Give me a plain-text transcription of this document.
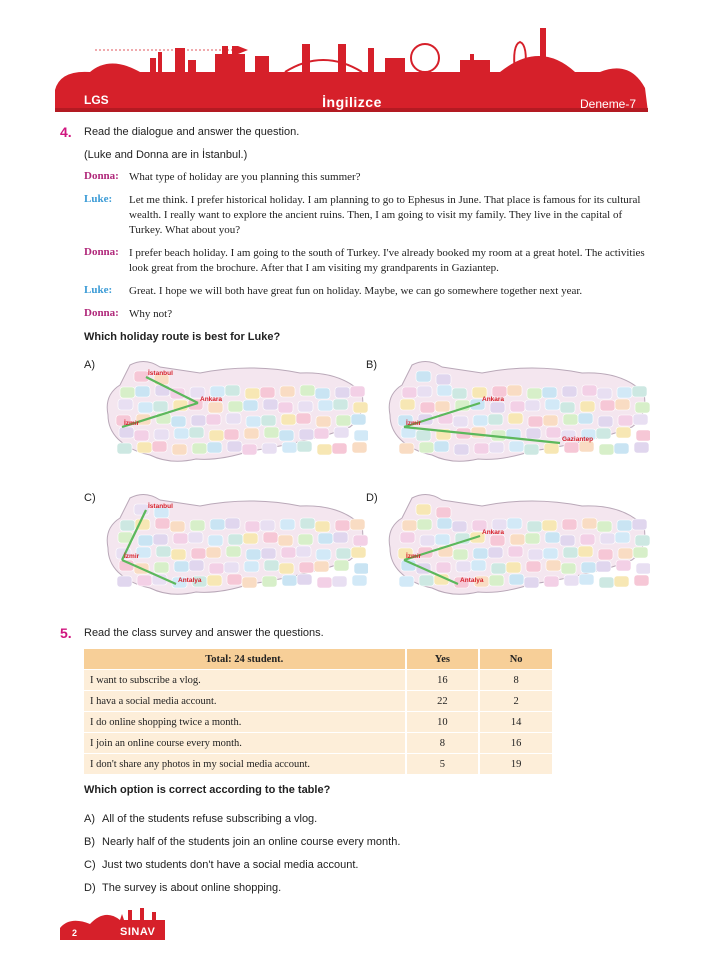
LGS	İngilizce	Deneme-7
4. Read the dialogue and answer the question.
(Luke and Donna are in İstanbul.)
Donna: What type of holiday are you planning this summer?
Luke:	Let me think. I prefer historical holiday. I am planning to go to Ephesus in June. That place is famous for its cultural wealth. I really want to explore the ancient ruins. Then, I am going to visit my family. They live in the capital of Turkey. What about you?
Donna: I prefer beach holiday. I am going to the south of Turkey. I've already booked my room at a great hotel. The activities look great from the brochure. After that I am visiting my grandparents in Gaziantep.
Luke:	Great. I hope we will both have great fun on holiday. Maybe, we can go somewhere together next year.
Donna: Why not?
Which holiday route is best for Luke?
A)
İstanbul
Ankara
İzmir
B)
Ankara
İzmir
Gaziantep
C)
İstanbul
İzmir
Antalya
D)
Ankara
İzmir
Antalya
5. Read the class survey and answer the questions.
Total: 24 student.	Yes	No
I want to subscribe a vlog.	16	8
I hava a social media account.	22	2
I do online shopping twice a month.	10	14
I join an online course every month.	8	16
I don't share any photos in my social media account.	5	19
Which option is correct according to the table?
A) All of the students refuse subscribing a vlog.
B) Nearly half of the students join an online course every month.
C) Just two students don't have a social media account.
D) The survey is about online shopping.
2	SINAV
